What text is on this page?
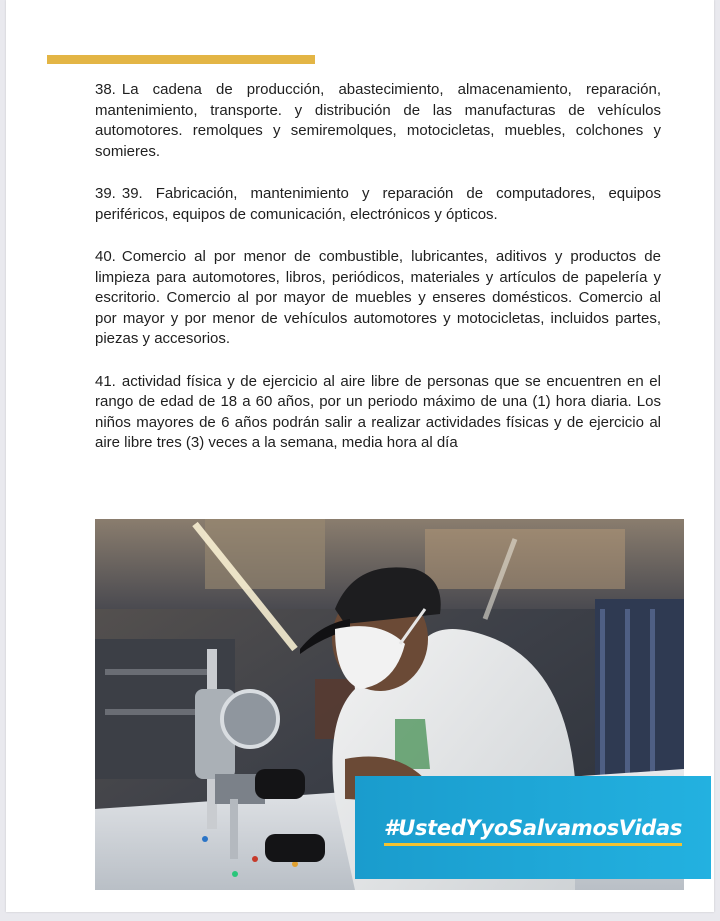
38. La cadena de producción, abastecimiento, almacenamiento, reparación, mantenimiento, transporte. y distribución de las manufacturas de vehículos automotores. remolques y semiremolques, motocicletas, muebles, colchones y somieres.

39. 39. Fabricación, mantenimiento y reparación de computadores, equipos periféricos, equipos de comunicación, electrónicos y ópticos.

40. Comercio al por menor de combustible, lubricantes, aditivos y productos de limpieza para automotores, libros, periódicos, materiales y artículos de papelería y escritorio. Comercio al por mayor de muebles y enseres domésticos. Comercio al por mayor y por menor de vehículos automotores y motocicletas, incluidos partes, piezas y accesorios.

41. actividad física y de ejercicio al aire libre de personas que se encuentren en el rango de edad de 18 a 60 años, por un periodo máximo de una (1) hora diaria. Los niños mayores de 6 años podrán salir a realizar actividades físicas y de ejercicio al aire libre tres (3) veces a la semana, media hora al día

#UstedYyoSalvamosVidas
